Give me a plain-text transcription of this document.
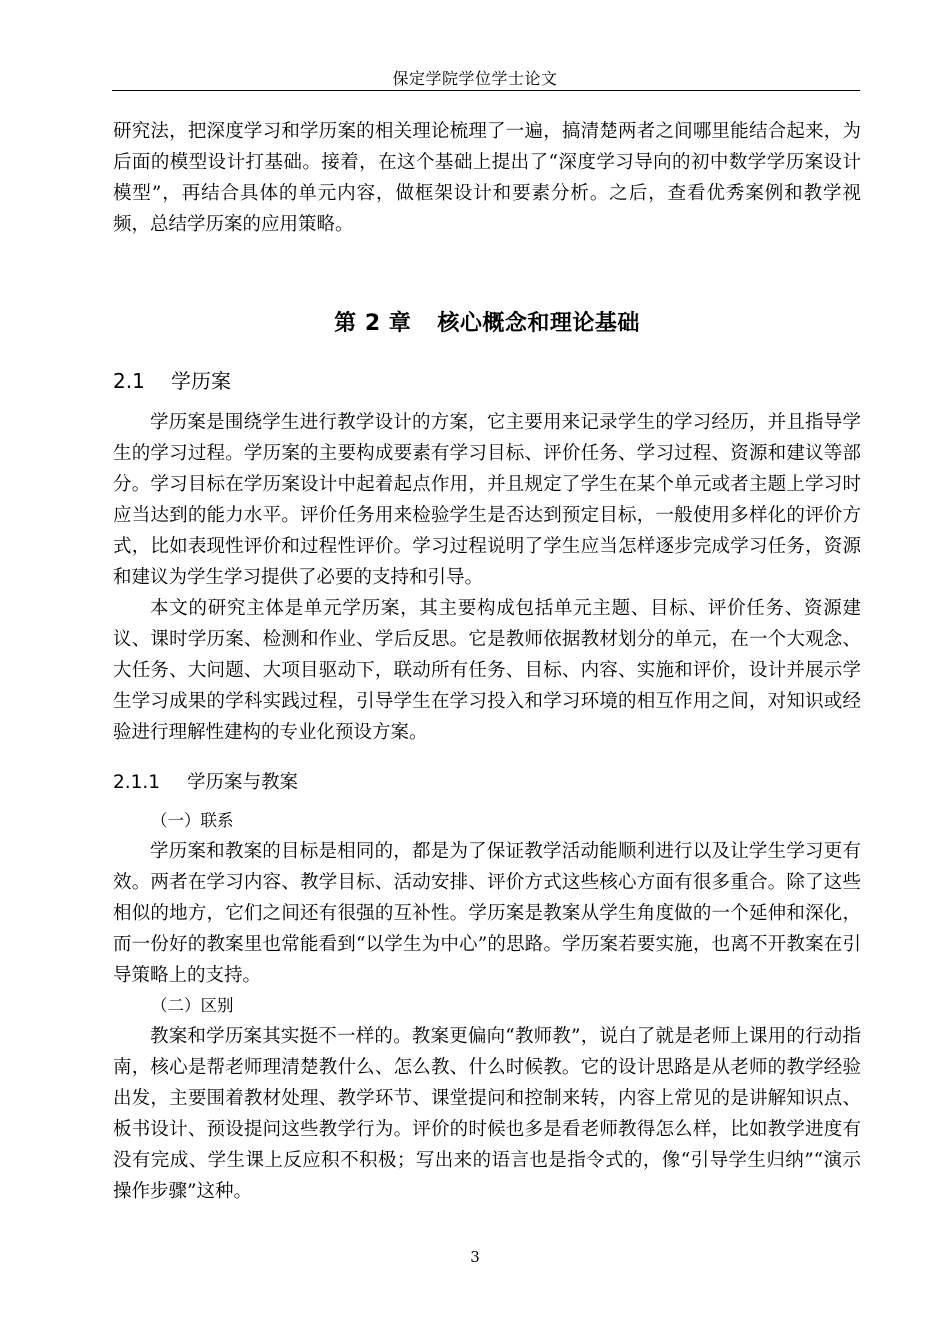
保定学院学位学士论文

研究法，把深度学习和学历案的相关理论梳理了一遍，搞清楚两者之间哪里能结合起来，为后面的模型设计打基础。接着，在这个基础上提出了“深度学习导向的初中数学学历案设计模型”，再结合具体的单元内容，做框架设计和要素分析。之后，查看优秀案例和教学视频，总结学历案的应用策略。

第 2 章 核心概念和理论基础
2.1 学历案

学历案是围绕学生进行教学设计的方案，它主要用来记录学生的学习经历，并且指导学生的学习过程。学历案的主要构成要素有学习目标、评价任务、学习过程、资源和建议等部分。学习目标在学历案设计中起着起点作用，并且规定了学生在某个单元或者主题上学习时应当达到的能力水平。评价任务用来检验学生是否达到预定目标，一般使用多样化的评价方式，比如表现性评价和过程性评价。学习过程说明了学生应当怎样逐步完成学习任务，资源和建议为学生学习提供了必要的支持和引导。

本文的研究主体是单元学历案，其主要构成包括单元主题、目标、评价任务、资源建议、课时学历案、检测和作业、学后反思。它是教师依据教材划分的单元，在一个大观念、大任务、大问题、大项目驱动下，联动所有任务、目标、内容、实施和评价，设计并展示学生学习成果的学科实践过程，引导学生在学习投入和学习环境的相互作用之间，对知识或经验进行理解性建构的专业化预设方案。

2.1.1 学历案与教案

（一）联系

学历案和教案的目标是相同的，都是为了保证教学活动能顺利进行以及让学生学习更有效。两者在学习内容、教学目标、活动安排、评价方式这些核心方面有很多重合。除了这些相似的地方，它们之间还有很强的互补性。学历案是教案从学生角度做的一个延伸和深化，而一份好的教案里也常能看到“以学生为中心”的思路。学历案若要实施，也离不开教案在引导策略上的支持。

（二）区别

教案和学历案其实挺不一样的。教案更偏向“教师教”，说白了就是老师上课用的行动指南，核心是帮老师理清楚教什么、怎么教、什么时候教。它的设计思路是从老师的教学经验出发，主要围着教材处理、教学环节、课堂提问和控制来转，内容上常见的是讲解知识点、板书设计、预设提问这些教学行为。评价的时候也多是看老师教得怎么样，比如教学进度有没有完成、学生课上反应积不积极；写出来的语言也是指令式的，像“引导学生归纳”“演示操作步骤”这种。

3
